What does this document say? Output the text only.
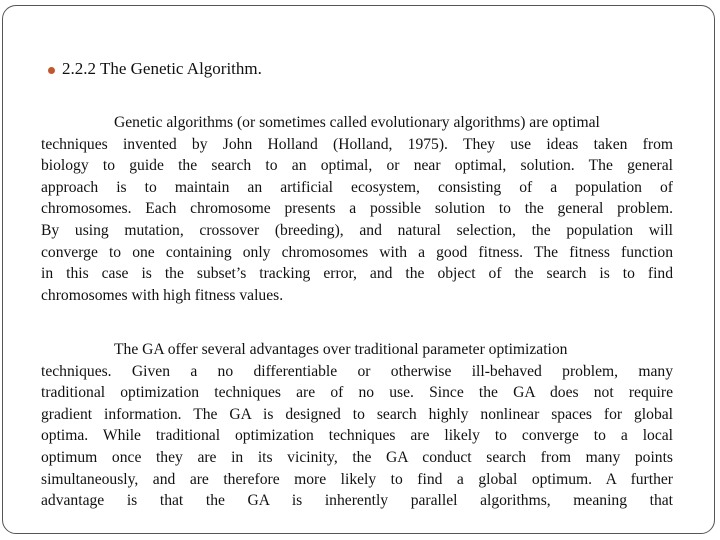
2.2.2 The Genetic Algorithm.
Genetic algorithms (or sometimes called evolutionary algorithms) are optimal
techniques invented by John Holland (Holland, 1975). They use ideas taken from
biology to guide the search to an optimal, or near optimal, solution. The general
approach is to maintain an artificial ecosystem, consisting of a population of
chromosomes. Each chromosome presents a possible solution to the general problem.
By using mutation, crossover (breeding), and natural selection, the population will
converge to one containing only chromosomes with a good fitness. The fitness function
in this case is the subset’s tracking error, and the object of the search is to find
chromosomes with high fitness values.
The GA offer several advantages over traditional parameter optimization
techniques. Given a no differentiable or otherwise ill-behaved problem, many
traditional optimization techniques are of no use. Since the GA does not require
gradient information. The GA is designed to search highly nonlinear spaces for global
optima. While traditional optimization techniques are likely to converge to a local
optimum once they are in its vicinity, the GA conduct search from many points
simultaneously, and are therefore more likely to find a global optimum. A further
advantage is that the GA is inherently parallel algorithms, meaning that
